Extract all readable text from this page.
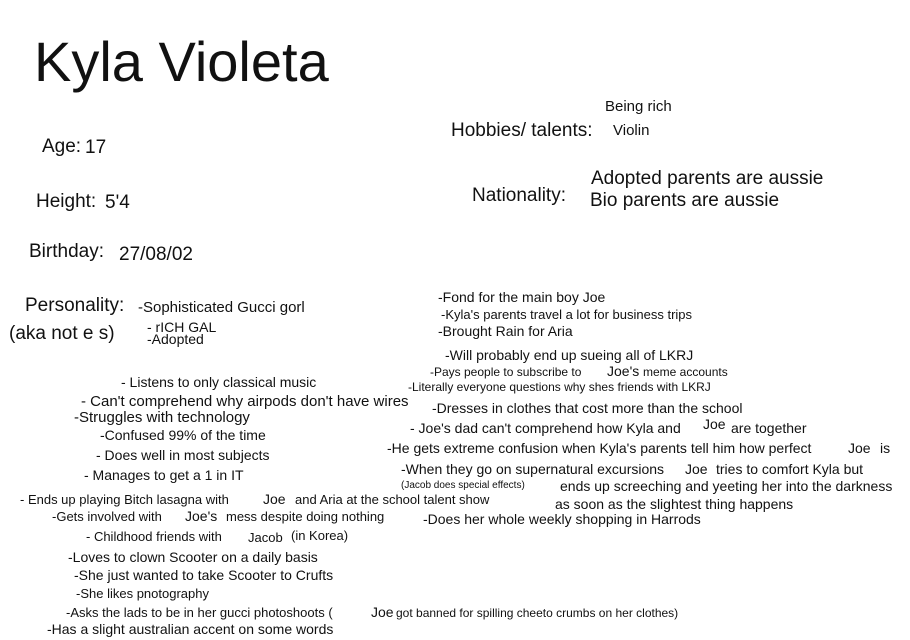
Kyla Violeta
Age: 17
Height: 5'4
Birthday: 27/08/02
Personality:
(aka not e s)
-Sophisticated Gucci gorl
- rICH GAL
-Adopted
Being rich
Hobbies/ talents: Violin
Nationality:
Adopted parents are aussie
Bio parents are aussie
- Listens to only classical music
- Can't comprehend why airpods don't have wires
-Struggles with technology
-Confused 99% of the time
- Does well in most subjects
- Manages to get a 1 in IT
- Ends up playing Bitch lasagna with Joe and Aria at the school talent show
-Gets involved with Joe's mess despite doing nothing
- Childhood friends with Jacob (in Korea)
-Loves to clown Scooter on a daily basis
-She just wanted to take Scooter to Crufts
-She likes pnotography
-Asks the lads to be in her gucci photoshoots (	Joe got banned for spilling cheeto crumbs on her clothes)
-Has a slight australian accent on some words
-Fond for the main boy Joe
-Kyla's parents travel a lot for business trips
-Brought Rain for Aria
-Will probably end up sueing all of LKRJ
-Pays people to subscribe to Joe's meme accounts
-Literally everyone questions why shes friends with LKRJ
-Dresses in clothes that cost more than the school
- Joe's dad can't comprehend how Kyla and Joe are together
-He gets extreme confusion when Kyla's parents tell him how perfect	Joe is
-When they go on supernatural excursions Joe tries to comfort Kyla but
(Jacob does special effects)	ends up screeching and yeeting her into the darkness
as soon as the slightest thing happens
-Does her whole weekly shopping in Harrods
